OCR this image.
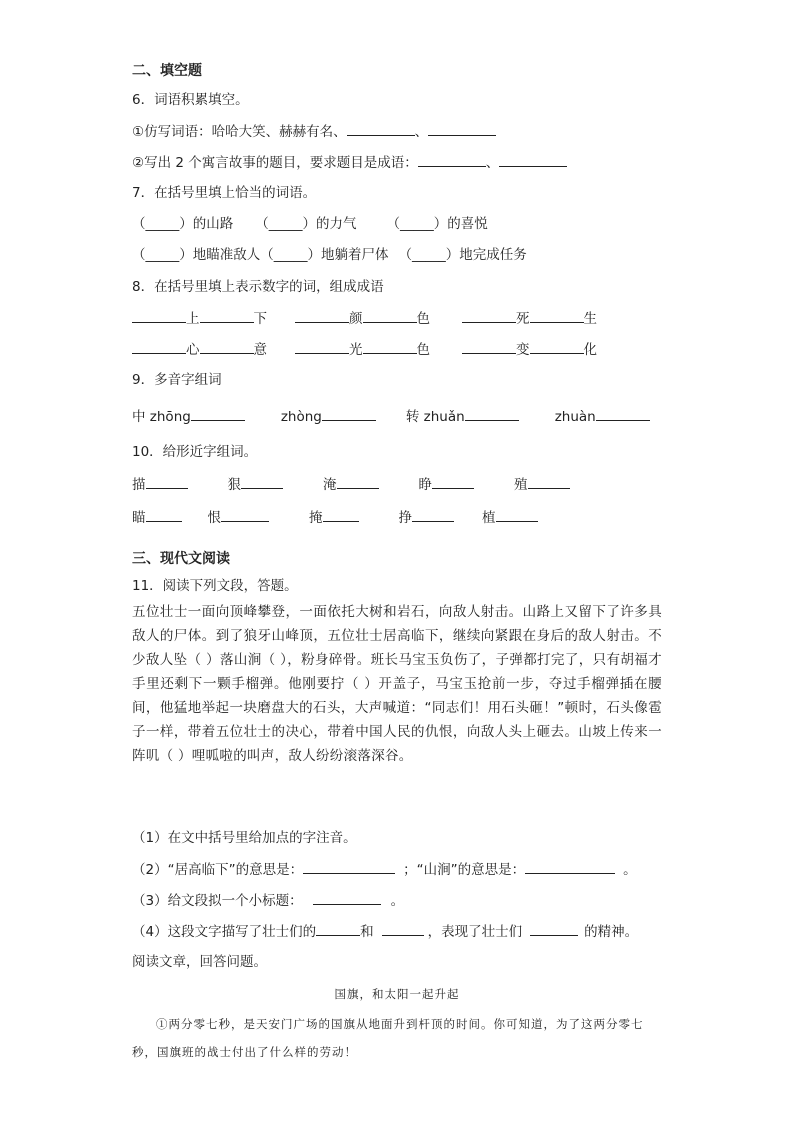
二、填空题
6．词语积累填空。
①仿写词语：哈哈大笑、赫赫有名、	、
②写出 2 个寓言故事的题目，要求题目是成语：	、
7．在括号里填上恰当的词语。
（_____）的山路 （_____）的力气 （_____）的喜悦
（_____）地瞄准敌人（_____）地躺着尸体 （_____）地完成任务
8．在括号里填上表示数字的词，组成成语
上	下	颜	色	死	生
心	意	光	色	变	化
9．多音字组词
中 zhōng	zhòng	转 zhuǎn	zhuàn
10．给形近字组词。
描	狠	淹	睁	殖
瞄	恨	掩	挣	植
三、现代文阅读
11．阅读下列文段，答题。
五位壮士一面向顶峰攀登，一面依托大树和岩石，向敌人射击。山路上又留下了许多具敌人的尸体。到了狼牙山峰顶，五位壮士居高临下，继续向紧跟在身后的敌人射击。不少敌人坠（ ）落山涧（ ），粉身碎骨。班长马宝玉负伤了，子弹都打完了，只有胡福才手里还剩下一颗手榴弹。他刚要拧（ ）开盖子，马宝玉抢前一步，夺过手榴弹插在腰间，他猛地举起一块磨盘大的石头，大声喊道：“同志们！用石头砸！”顿时，石头像雹子一样，带着五位壮士的决心，带着中国人民的仇恨，向敌人头上砸去。山坡上传来一阵叽（ ）哩呱啦的叫声，敌人纷纷滚落深谷。
（1）在文中括号里给加点的字注音。
（2）“居高临下”的意思是：	；“山涧”的意思是：	。
（3）给文段拟一个小标题：	。
（4）这段文字描写了壮士们的	和	，表现了壮士们	的精神。
阅读文章，回答问题。
国旗，和太阳一起升起
①两分零七秒，是天安门广场的国旗从地面升到杆顶的时间。你可知道，为了这两分零七秒，国旗班的战士付出了什么样的劳动！
